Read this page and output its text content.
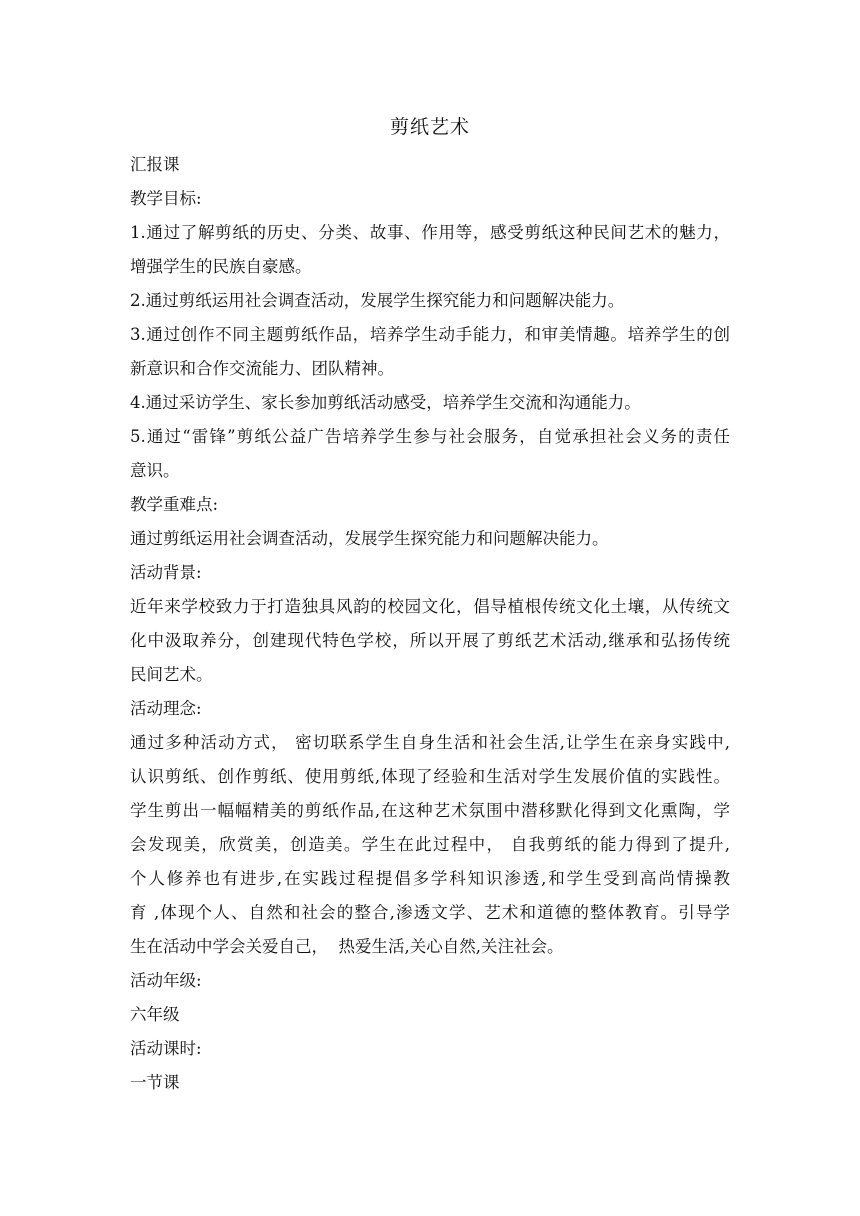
剪纸艺术
汇报课
教学目标:
1.通过了解剪纸的历史、分类、故事、作用等，感受剪纸这种民间艺术的魅力，
增强学生的民族自豪感。
2.通过剪纸运用社会调查活动，发展学生探究能力和问题解决能力。
3.通过创作不同主题剪纸作品，培养学生动手能力，和审美情趣。培养学生的创
新意识和合作交流能力、团队精神。
4.通过采访学生、家长参加剪纸活动感受，培养学生交流和沟通能力。
5.通过“雷锋”剪纸公益广告培养学生参与社会服务，自觉承担社会义务的责任
意识。
教学重难点:
通过剪纸运用社会调查活动，发展学生探究能力和问题解决能力。
活动背景:
近年来学校致力于打造独具风韵的校园文化，倡导植根传统文化土壤，从传统文
化中汲取养分，创建现代特色学校，所以开展了剪纸艺术活动,继承和弘扬传统
民间艺术。
活动理念:
通过多种活动方式， 密切联系学生自身生活和社会生活,让学生在亲身实践中,
认识剪纸、创作剪纸、使用剪纸,体现了经验和生活对学生发展价值的实践性。
学生剪出一幅幅精美的剪纸作品,在这种艺术氛围中潜移默化得到文化熏陶，学
会发现美，欣赏美，创造美。学生在此过程中， 自我剪纸的能力得到了提升,
个人修养也有进步,在实践过程提倡多学科知识渗透,和学生受到高尚情操教
育 ,体现个人、自然和社会的整合,渗透文学、艺术和道德的整体教育。引导学
生在活动中学会关爱自己，  热爱生活,关心自然,关注社会。
活动年级:
六年级
活动课时:
一节课
